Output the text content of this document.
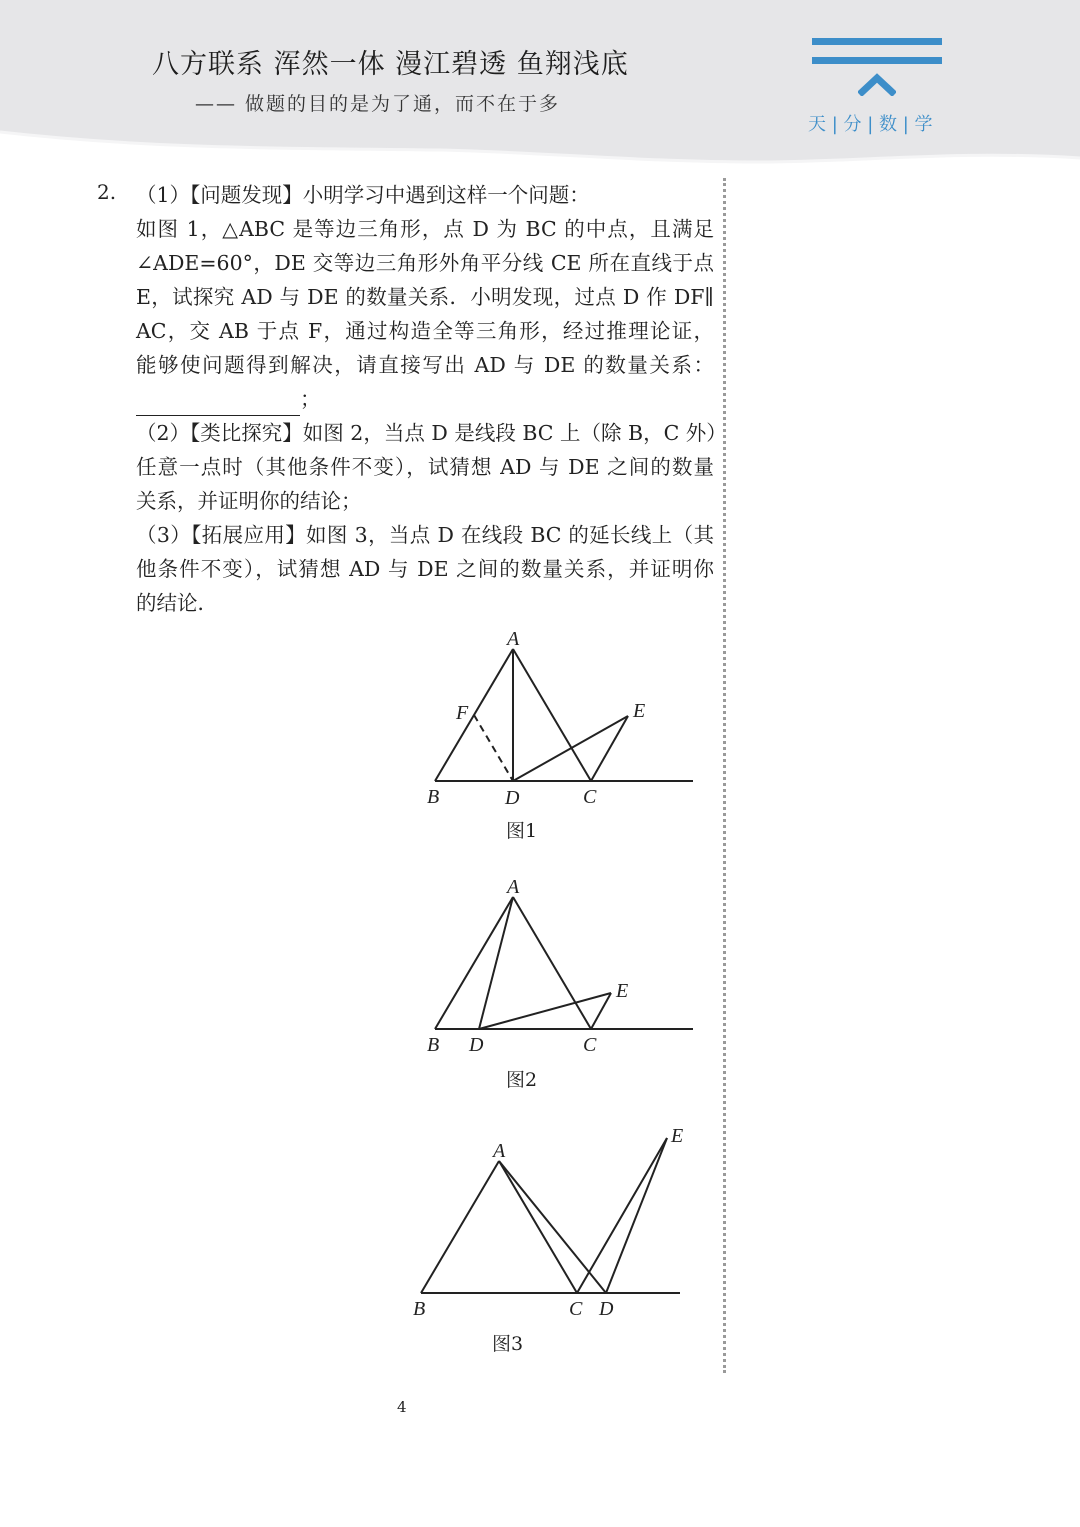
八方联系 浑然一体 漫江碧透 鱼翔浅底
—— 做题的目的是为了通，而不在于多
天 | 分 | 数 | 学
2. （1）【问题发现】小明学习中遇到这样一个问题：
如图 1，△ABC 是等边三角形，点 D 为 BC 的中点，且满足
∠ADE=60°，DE 交等边三角形外角平分线 CE 所在直线于点
E，试探究 AD 与 DE 的数量关系．小明发现，过点 D 作 DF∥
AC，交 AB 于点 F，通过构造全等三角形，经过推理论证，
能够使问题得到解决，请直接写出 AD 与 DE 的数量关系：
；
（2）【类比探究】如图 2，当点 D 是线段 BC 上（除 B，C 外）
任意一点时（其他条件不变），试猜想 AD 与 DE 之间的数量
关系，并证明你的结论；
（3）【拓展应用】如图 3，当点 D 在线段 BC 的延长线上（其
他条件不变），试猜想 AD 与 DE 之间的数量关系，并证明你
的结论．
A
F	E
B	D	C
图1
A
E
B D	C
图2
A
E
B	C D
图3
4
